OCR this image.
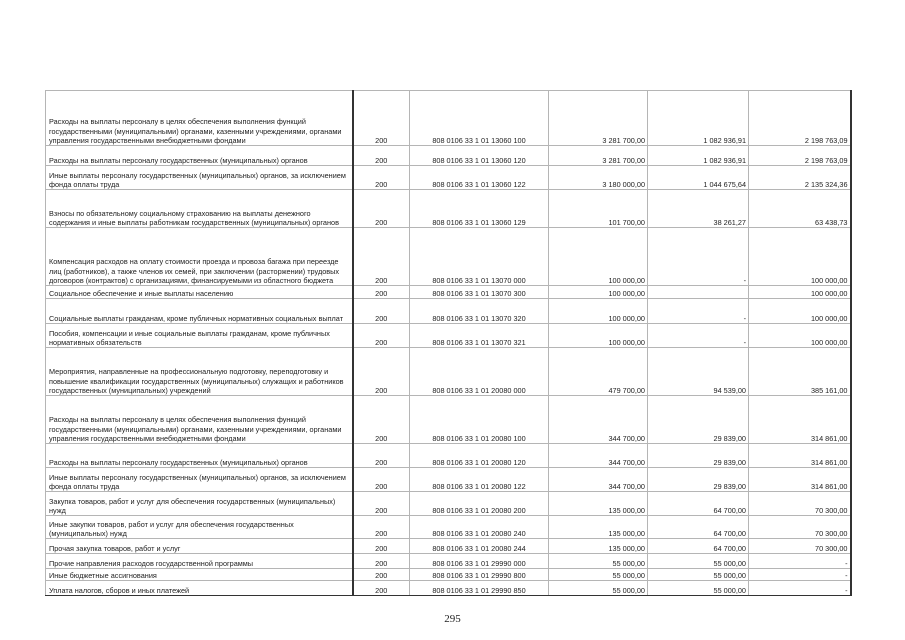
Расходы на выплаты персоналу в целях обеспечения выполнения функций государственными (муниципальными) органами, казенными учреждениями, органами управления государственными внебюджетными фондами	200	808 0106 33 1 01 13060 100	3 281 700,00	1 082 936,91	2 198 763,09
Расходы на выплаты персоналу государственных (муниципальных) органов	200	808 0106 33 1 01 13060 120	3 281 700,00	1 082 936,91	2 198 763,09
Иные выплаты персоналу государственных (муниципальных) органов, за исключением фонда оплаты труда	200	808 0106 33 1 01 13060 122	3 180 000,00	1 044 675,64	2 135 324,36
Взносы по обязательному социальному страхованию на выплаты денежного содержания и иные выплаты работникам государственных (муниципальных) органов	200	808 0106 33 1 01 13060 129	101 700,00	38 261,27	63 438,73
Компенсация расходов на оплату стоимости проезда и провоза багажа при переезде лиц (работников), а также членов их семей, при заключении (расторжении) трудовых договоров (контрактов) с организациями, финансируемыми из областного бюджета	200	808 0106 33 1 01 13070 000	100 000,00	-	100 000,00
Социальное обеспечение и иные выплаты населению	200	808 0106 33 1 01 13070 300	100 000,00		100 000,00
Социальные выплаты гражданам, кроме публичных нормативных социальных выплат	200	808 0106 33 1 01 13070 320	100 000,00	-	100 000,00
Пособия, компенсации и иные социальные выплаты гражданам, кроме публичных нормативных обязательств	200	808 0106 33 1 01 13070 321	100 000,00	-	100 000,00
Мероприятия, направленные на профессиональную подготовку, переподготовку и повышение квалификации государственных (муниципальных) служащих и работников государственных (муниципальных) учреждений	200	808 0106 33 1 01 20080 000	479 700,00	94 539,00	385 161,00
Расходы на выплаты персоналу в целях обеспечения выполнения функций государственными (муниципальными) органами, казенными учреждениями, органами управления государственными внебюджетными фондами	200	808 0106 33 1 01 20080 100	344 700,00	29 839,00	314 861,00
Расходы на выплаты персоналу государственных (муниципальных) органов	200	808 0106 33 1 01 20080 120	344 700,00	29 839,00	314 861,00
Иные выплаты персоналу государственных (муниципальных) органов, за исключением фонда оплаты труда	200	808 0106 33 1 01 20080 122	344 700,00	29 839,00	314 861,00
Закупка товаров, работ и услуг для обеспечения государственных (муниципальных) нужд	200	808 0106 33 1 01 20080 200	135 000,00	64 700,00	70 300,00
Иные закупки товаров, работ и услуг для обеспечения государственных (муниципальных) нужд	200	808 0106 33 1 01 20080 240	135 000,00	64 700,00	70 300,00
Прочая закупка товаров, работ и услуг	200	808 0106 33 1 01 20080 244	135 000,00	64 700,00	70 300,00
Прочие направления расходов государственной программы	200	808 0106 33 1 01 29990 000	55 000,00	55 000,00	-
Иные бюджетные ассигнования	200	808 0106 33 1 01 29990 800	55 000,00	55 000,00	-
Уплата налогов, сборов и иных платежей	200	808 0106 33 1 01 29990 850	55 000,00	55 000,00	-
295
